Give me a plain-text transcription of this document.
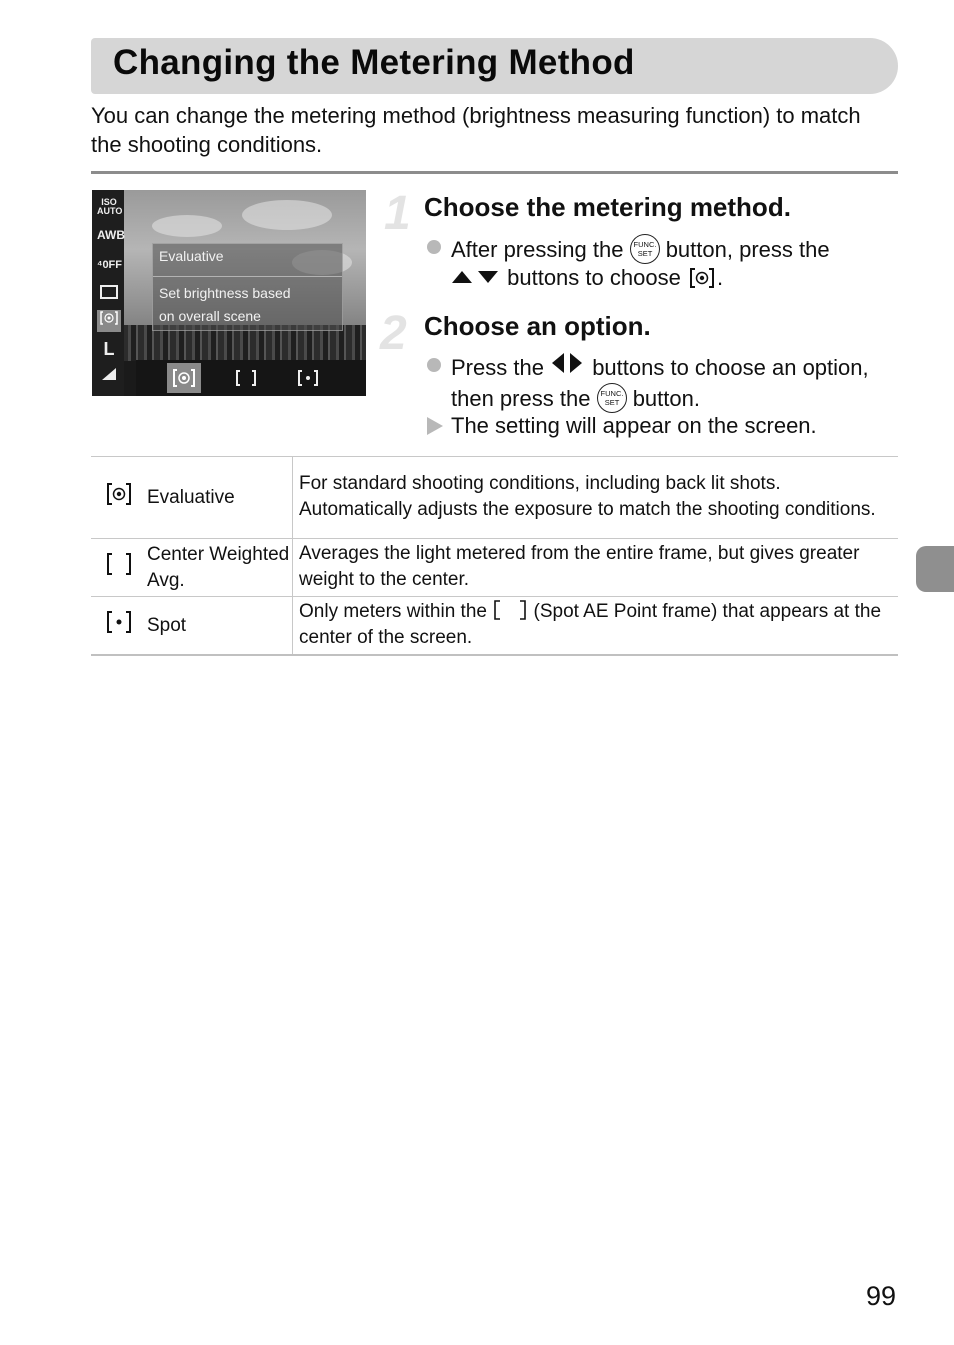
Changing the Metering Method
You can change the metering method (brightness measuring function) to match the shooting conditions.
ISO
AUTO
AWB
⁴0FF
L
Evaluative
Set brightness based
on overall scene
1 Choose the metering method.
After pressing the FUNC.
SET button, press the
buttons to choose .
2 Choose an option.
Press the buttons to choose an option,
then press the FUNC.
SET button.
The setting will appear on the screen.
	Evaluative	For standard shooting conditions, including back lit shots. Automatically adjusts the exposure to match the shooting conditions.
	Center Weighted Avg.	Averages the light metered from the entire frame, but gives greater weight to the center.
	Spot	Only meters within the (Spot AE Point frame) that appears at the center of the screen.
99
